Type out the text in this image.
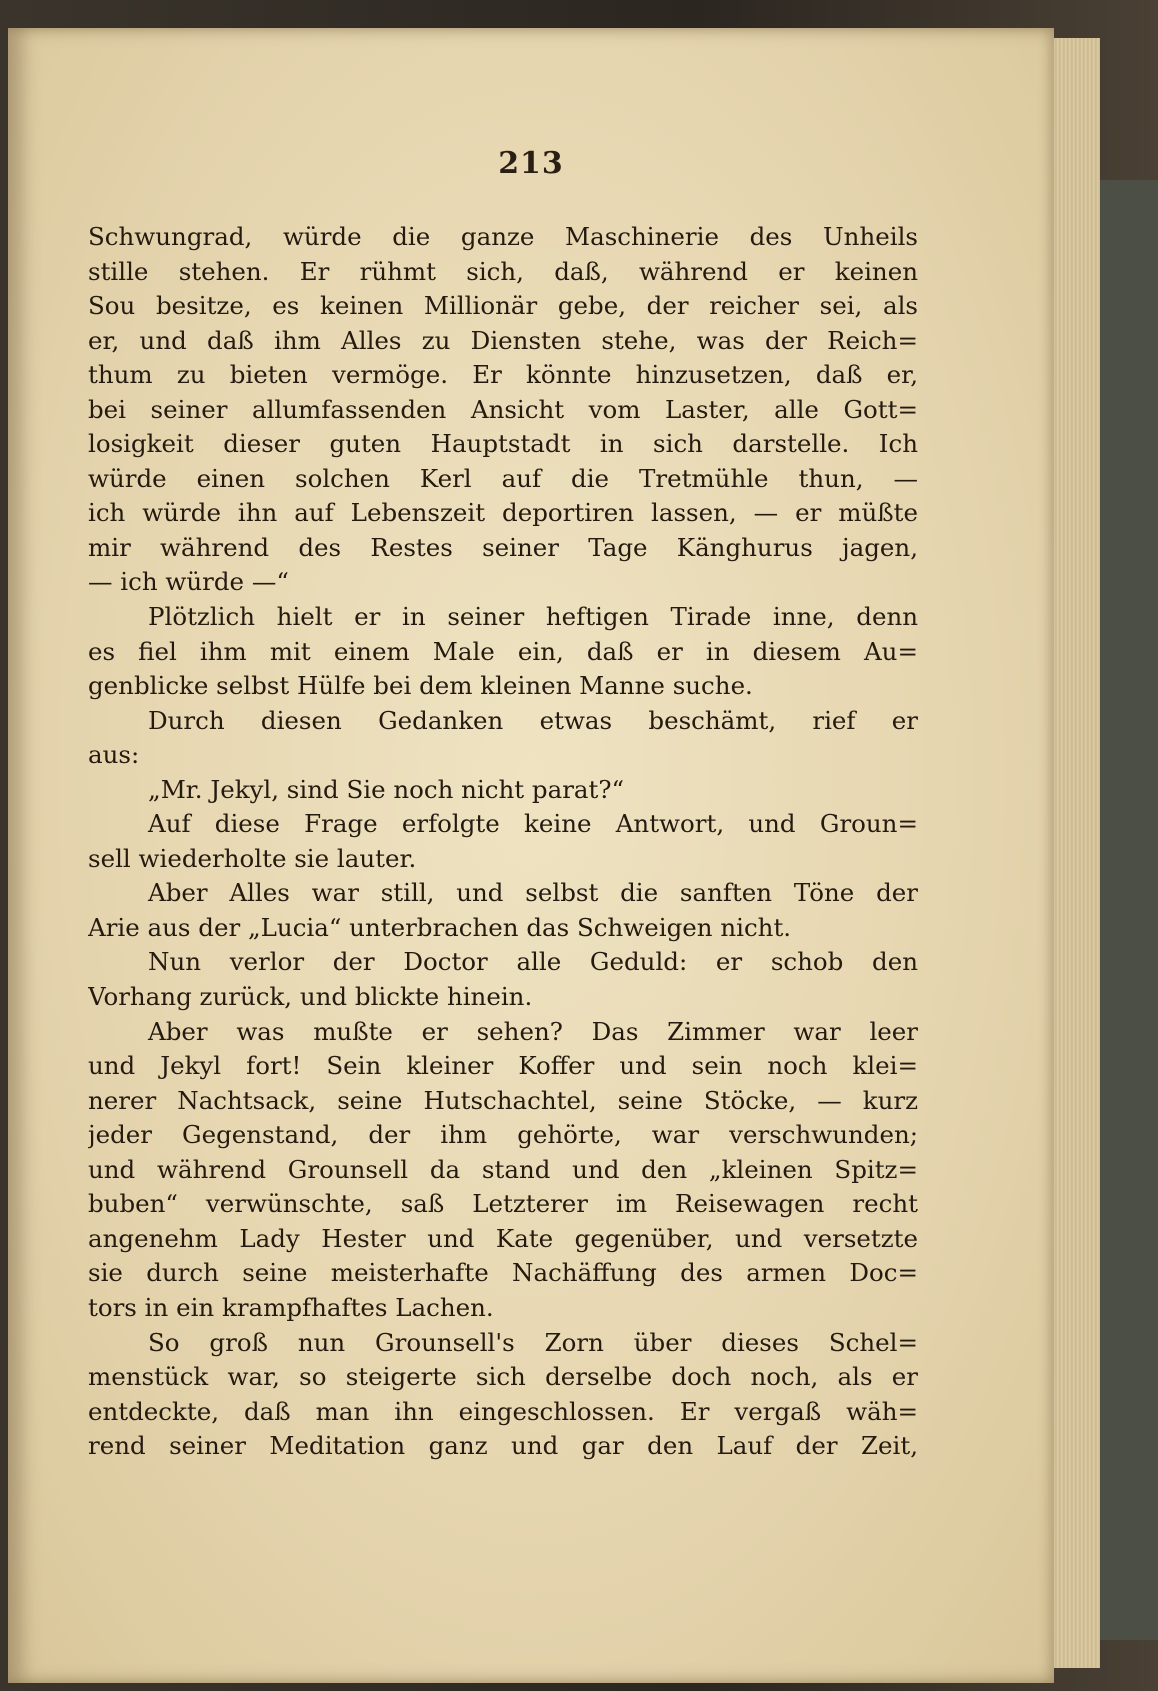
213
Schwungrad, würde die ganze Maschinerie des Unheils
stille stehen. Er rühmt sich, daß, während er keinen
Sou besitze, es keinen Millionär gebe, der reicher sei, als
er, und daß ihm Alles zu Diensten stehe, was der Reich=
thum zu bieten vermöge. Er könnte hinzusetzen, daß er,
bei seiner allumfassenden Ansicht vom Laster, alle Gott=
losigkeit dieser guten Hauptstadt in sich darstelle. Ich
würde einen solchen Kerl auf die Tretmühle thun, —
ich würde ihn auf Lebenszeit deportiren lassen, — er müßte
mir während des Restes seiner Tage Känghurus jagen,
— ich würde —“
Plötzlich hielt er in seiner heftigen Tirade inne, denn
es fiel ihm mit einem Male ein, daß er in diesem Au=
genblicke selbst Hülfe bei dem kleinen Manne suche.
Durch diesen Gedanken etwas beschämt, rief er
aus:
„Mr. Jekyl, sind Sie noch nicht parat?“
Auf diese Frage erfolgte keine Antwort, und Groun=
sell wiederholte sie lauter.
Aber Alles war still, und selbst die sanften Töne der
Arie aus der „Lucia“ unterbrachen das Schweigen nicht.
Nun verlor der Doctor alle Geduld: er schob den
Vorhang zurück, und blickte hinein.
Aber was mußte er sehen? Das Zimmer war leer
und Jekyl fort! Sein kleiner Koffer und sein noch klei=
nerer Nachtsack, seine Hutschachtel, seine Stöcke, — kurz
jeder Gegenstand, der ihm gehörte, war verschwunden;
und während Grounsell da stand und den „kleinen Spitz=
buben“ verwünschte, saß Letzterer im Reisewagen recht
angenehm Lady Hester und Kate gegenüber, und versetzte
sie durch seine meisterhafte Nachäffung des armen Doc=
tors in ein krampfhaftes Lachen.
So groß nun Grounsell's Zorn über dieses Schel=
menstück war, so steigerte sich derselbe doch noch, als er
entdeckte, daß man ihn eingeschlossen. Er vergaß wäh=
rend seiner Meditation ganz und gar den Lauf der Zeit,
